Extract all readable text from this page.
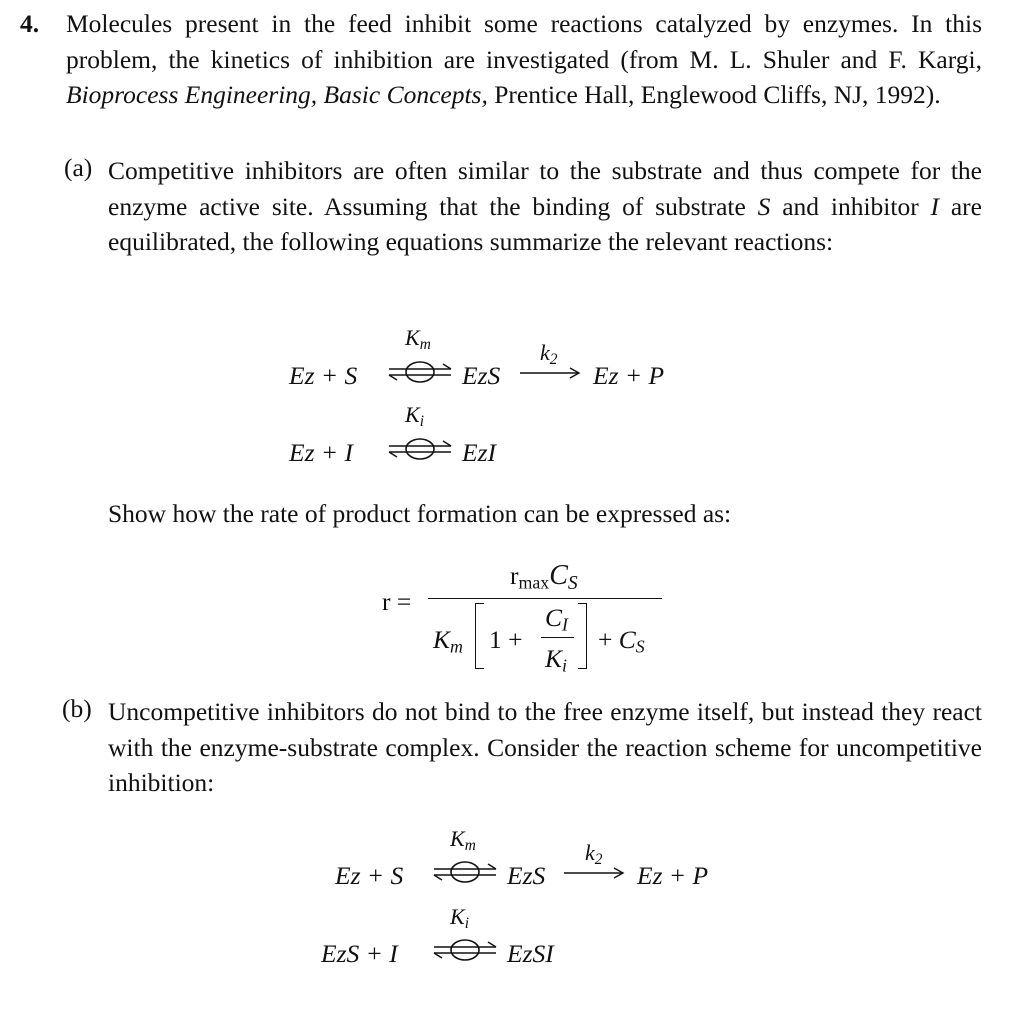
4. Molecules present in the feed inhibit some reactions catalyzed by enzymes. In this problem, the kinetics of inhibition are investigated (from M. L. Shuler and F. Kargi, Bioprocess Engineering, Basic Concepts, Prentice Hall, Englewood Cliffs, NJ, 1992).

(a) Competitive inhibitors are often similar to the substrate and thus compete for the enzyme active site. Assuming that the binding of substrate S and inhibitor I are equilibrated, the following equations summarize the relevant reactions:

Ez + S
$K_m$
EzS
$k_2$
Ez + P
Ez + I
$K_i$
EzI

Show how the rate of product formation can be expressed as:

r =
$r_{max}C_S$
$K_m$ 1 +
$C_I$
$K_i$
+ $C_S$
(b) Uncompetitive inhibitors do not bind to the free enzyme itself, but instead they react with the enzyme-substrate complex. Consider the reaction scheme for uncompetitive inhibition:

Ez + S
$K_m$
EzS
$k_2$
Ez + P
EzS + I
$K_i$
EzSI
